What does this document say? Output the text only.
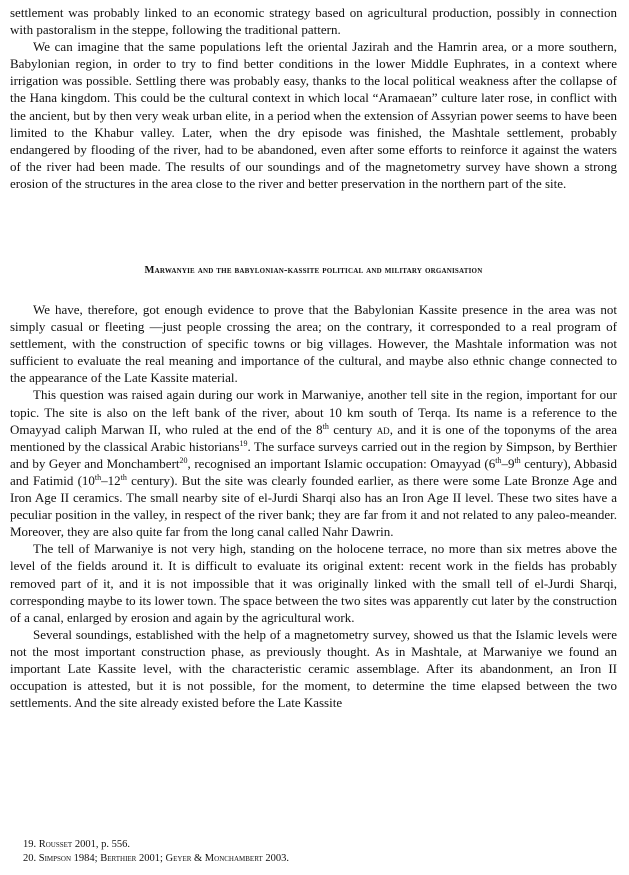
settlement was probably linked to an economic strategy based on agricultural production, possibly in connection with pastoralism in the steppe, following the traditional pattern.

We can imagine that the same populations left the oriental Jazirah and the Hamrin area, or a more southern, Babylonian region, in order to try to find better conditions in the lower Middle Euphrates, in a context where irrigation was possible. Settling there was probably easy, thanks to the local political weakness after the collapse of the Hana kingdom. This could be the cultural context in which local “Aramaean” culture later rose, in conflict with the ancient, but by then very weak urban elite, in a period when the extension of Assyrian power seems to have been limited to the Khabur valley. Later, when the dry episode was finished, the Mashtale settlement, probably endangered by flooding of the river, had to be abandoned, even after some efforts to reinforce it against the waters of the river had been made. The results of our soundings and of the magnetometry survey have shown a strong erosion of the structures in the area close to the river and better preservation in the northern part of the site.

Marwanyie and the babylonian-kassite political and military organisation

We have, therefore, got enough evidence to prove that the Babylonian Kassite presence in the area was not simply casual or fleeting —just people crossing the area; on the contrary, it corresponded to a real program of settlement, with the construction of specific towns or big villages. However, the Mashtale information was not sufficient to evaluate the real meaning and importance of the cultural, and maybe also ethnic change connected to the appearance of the Late Kassite material.

This question was raised again during our work in Marwaniye, another tell site in the region, important for our topic. The site is also on the left bank of the river, about 10 km south of Terqa. Its name is a reference to the Omayyad caliph Marwan II, who ruled at the end of the 8th century ad, and it is one of the toponyms of the area mentioned by the classical Arabic historians$^{19}$. The surface surveys carried out in the region by Simpson, by Berthier and by Geyer and Monchambert$^{20}$, recognised an important Islamic occupation: Omayyad (6th–9th century), Abbasid and Fatimid (10th–12th century). But the site was clearly founded earlier, as there were some Late Bronze Age and Iron Age II ceramics. The small nearby site of el-Jurdi Sharqi also has an Iron Age II level. These two sites have a peculiar position in the valley, in respect of the river bank; they are far from it and not related to any paleo-meander. Moreover, they are also quite far from the long canal called Nahr Dawrin.

The tell of Marwaniye is not very high, standing on the holocene terrace, no more than six metres above the level of the fields around it. It is difficult to evaluate its original extent: recent work in the fields has probably removed part of it, and it is not impossible that it was originally linked with the small tell of el-Jurdi Sharqi, corresponding maybe to its lower town. The space between the two sites was apparently cut later by the construction of a canal, enlarged by erosion and again by the agricultural work.

Several soundings, established with the help of a magnetometry survey, showed us that the Islamic levels were not the most important construction phase, as previously thought. As in Mashtale, at Marwaniye we found an important Late Kassite level, with the characteristic ceramic assemblage. After its abandonment, an Iron II occupation is attested, but it is not possible, for the moment, to determine the time elapsed between the two settlements. And the site already existed before the Late Kassite

19. Rousset 2001, p. 556.
20. Simpson 1984; Berthier 2001; Geyer & Monchambert 2003.
